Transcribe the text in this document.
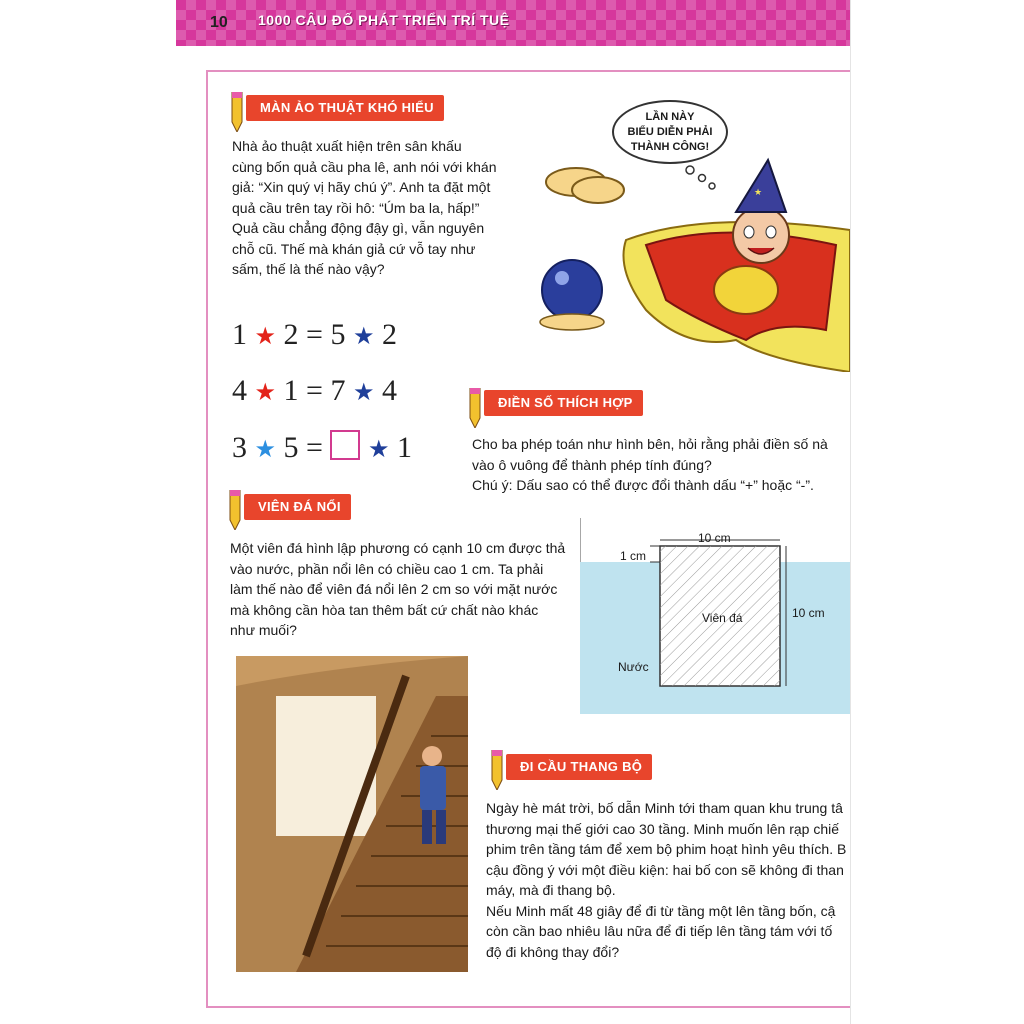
10 1000 CÂU ĐỐ PHÁT TRIỂN TRÍ TUỆ
MÀN ẢO THUẬT KHÓ HIỂU
Nhà ảo thuật xuất hiện trên sân khấu
cùng bốn quả cầu pha lê, anh nói với khán
giả: “Xin quý vị hãy chú ý”. Anh ta đặt một
quả cầu trên tay rồi hô: “Úm ba la, hấp!”
Quả cầu chẳng động đậy gì, vẫn nguyên
chỗ cũ. Thế mà khán giả cứ vỗ tay như
sấm, thế là thế nào vậy?
LẦN NÀY
BIỂU DIỄN PHẢI
THÀNH CÔNG!
★
1 ★ 2 = 5 ★ 2
4 ★ 1 = 7 ★ 4
3 ★ 5 = ★ 1
ĐIỀN SỐ THÍCH HỢP
Cho ba phép toán như hình bên, hỏi rằng phải điền số nà
vào ô vuông để thành phép tính đúng?
Chú ý: Dấu sao có thể được đổi thành dấu “+” hoặc “-”.
VIÊN ĐÁ NỔI
Một viên đá hình lập phương có cạnh 10 cm được thả
vào nước, phần nổi lên có chiều cao 1 cm. Ta phải
làm thế nào để viên đá nổi lên 2 cm so với mặt nước
mà không cần hòa tan thêm bất cứ chất nào khác
như muối?
10 cm
1 cm
10 cm
Viên đá
Nước
ĐI CẦU THANG BỘ
Ngày hè mát trời, bố dẫn Minh tới tham quan khu trung tâ
thương mại thế giới cao 30 tầng. Minh muốn lên rạp chiế
phim trên tầng tám để xem bộ phim hoạt hình yêu thích. B
cậu đồng ý với một điều kiện: hai bố con sẽ không đi than
máy, mà đi thang bộ.
Nếu Minh mất 48 giây để đi từ tầng một lên tầng bốn, cậ
còn cần bao nhiêu lâu nữa để đi tiếp lên tầng tám với tố
độ đi không thay đổi?
